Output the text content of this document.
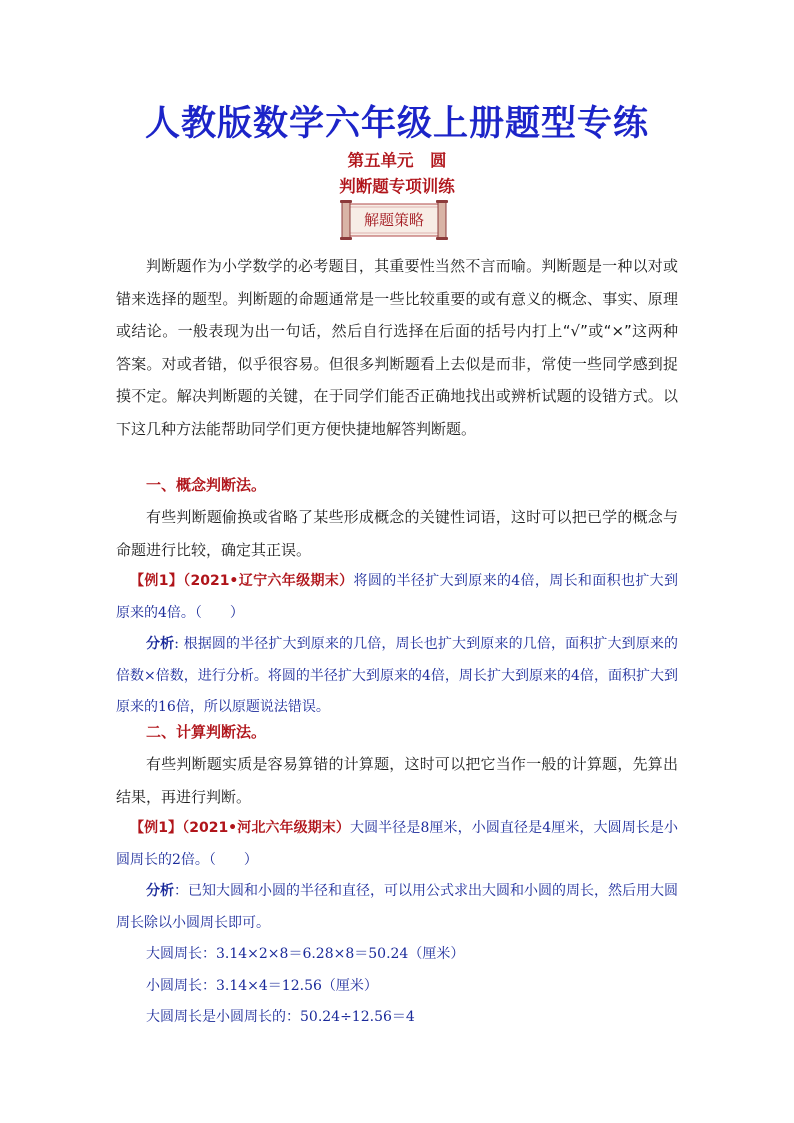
人教版数学六年级上册题型专练
第五单元　圆
判断题专项训练
解题策略

判断题作为小学数学的必考题目，其重要性当然不言而喻。判断题是一种以对或错来选择的题型。判断题的命题通常是一些比较重要的或有意义的概念、事实、原理或结论。一般表现为出一句话，然后自行选择在后面的括号内打上“√”或“×”这两种答案。对或者错，似乎很容易。但很多判断题看上去似是而非，常使一些同学感到捉摸不定。解决判断题的关键，在于同学们能否正确地找出或辨析试题的设错方式。以下这几种方法能帮助同学们更方便快捷地解答判断题。

一、概念判断法。

有些判断题偷换或省略了某些形成概念的关键性词语，这时可以把已学的概念与命题进行比较，确定其正误。

【例1】（2021•辽宁六年级期末）将圆的半径扩大到原来的4倍，周长和面积也扩大到原来的4倍。（　　）

分析: 根据圆的半径扩大到原来的几倍，周长也扩大到原来的几倍，面积扩大到原来的倍数×倍数，进行分析。将圆的半径扩大到原来的4倍，周长扩大到原来的4倍，面积扩大到原来的16倍，所以原题说法错误。

二、计算判断法。

有些判断题实质是容易算错的计算题，这时可以把它当作一般的计算题，先算出结果，再进行判断。

【例1】（2021•河北六年级期末）大圆半径是8厘米，小圆直径是4厘米，大圆周长是小圆周长的2倍。（　　）

分析：已知大圆和小圆的半径和直径，可以用公式求出大圆和小圆的周长，然后用大圆周长除以小圆周长即可。

大圆周长：3.14×2×8＝6.28×8＝50.24（厘米）

小圆周长：3.14×4＝12.56（厘米）

大圆周长是小圆周长的：50.24÷12.56＝4
